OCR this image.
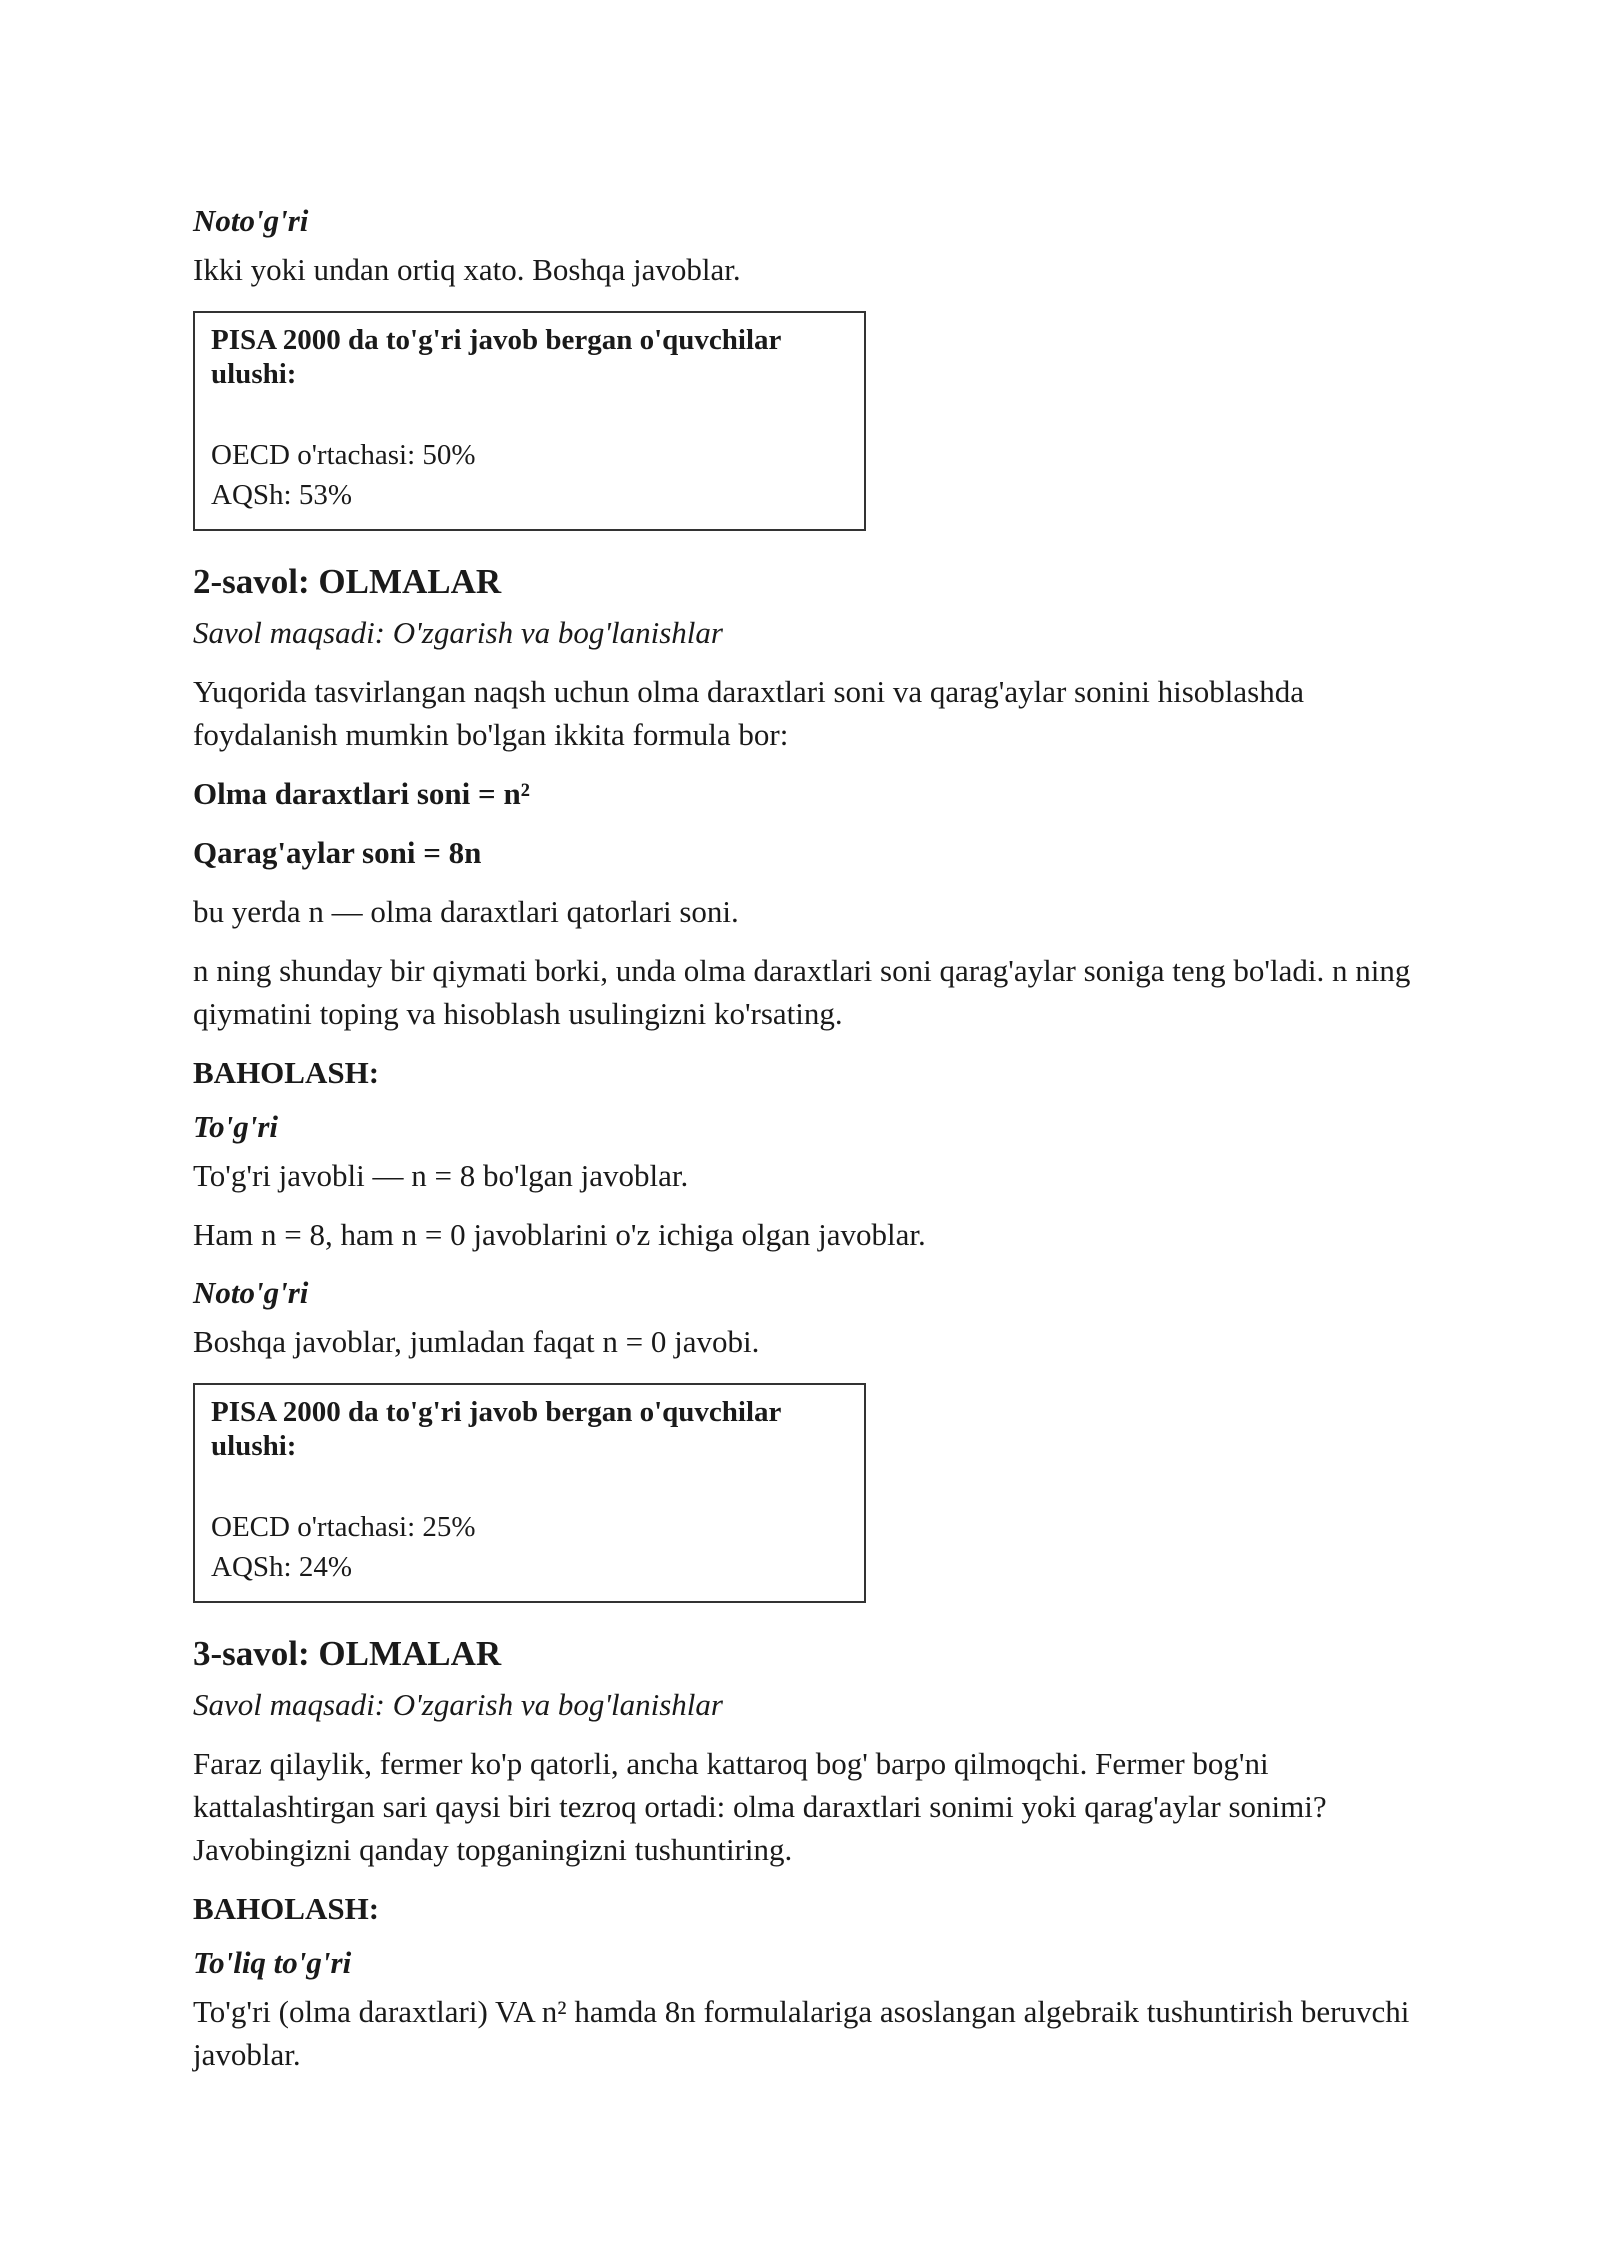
Noto'g'ri

Ikki yoki undan ortiq xato. Boshqa javoblar.

PISA 2000 da to'g'ri javob bergan o'quvchilar ulushi:

OECD o'rtachasi: 50%

AQSh: 53%

2-savol: OLMALAR

Savol maqsadi: O'zgarish va bog'lanishlar

Yuqorida tasvirlangan naqsh uchun olma daraxtlari soni va qarag'aylar sonini hisoblashda foydalanish mumkin bo'lgan ikkita formula bor:

Olma daraxtlari soni = n²

Qarag'aylar soni = 8n

bu yerda n — olma daraxtlari qatorlari soni.

n ning shunday bir qiymati borki, unda olma daraxtlari soni qarag'aylar soniga teng bo'ladi. n ning qiymatini toping va hisoblash usulingizni ko'rsating.

BAHOLASH:

To'g'ri

To'g'ri javobli — n = 8 bo'lgan javoblar.

Ham n = 8, ham n = 0 javoblarini o'z ichiga olgan javoblar.

Noto'g'ri

Boshqa javoblar, jumladan faqat n = 0 javobi.

PISA 2000 da to'g'ri javob bergan o'quvchilar ulushi:

OECD o'rtachasi: 25%

AQSh: 24%

3-savol: OLMALAR

Savol maqsadi: O'zgarish va bog'lanishlar

Faraz qilaylik, fermer ko'p qatorli, ancha kattaroq bog' barpo qilmoqchi. Fermer bog'ni kattalashtirgan sari qaysi biri tezroq ortadi: olma daraxtlari sonimi yoki qarag'aylar sonimi? Javobingizni qanday topganingizni tushuntiring.

BAHOLASH:

To'liq to'g'ri

To'g'ri (olma daraxtlari) VA n² hamda 8n formulalariga asoslangan algebraik tushuntirish beruvchi javoblar.
